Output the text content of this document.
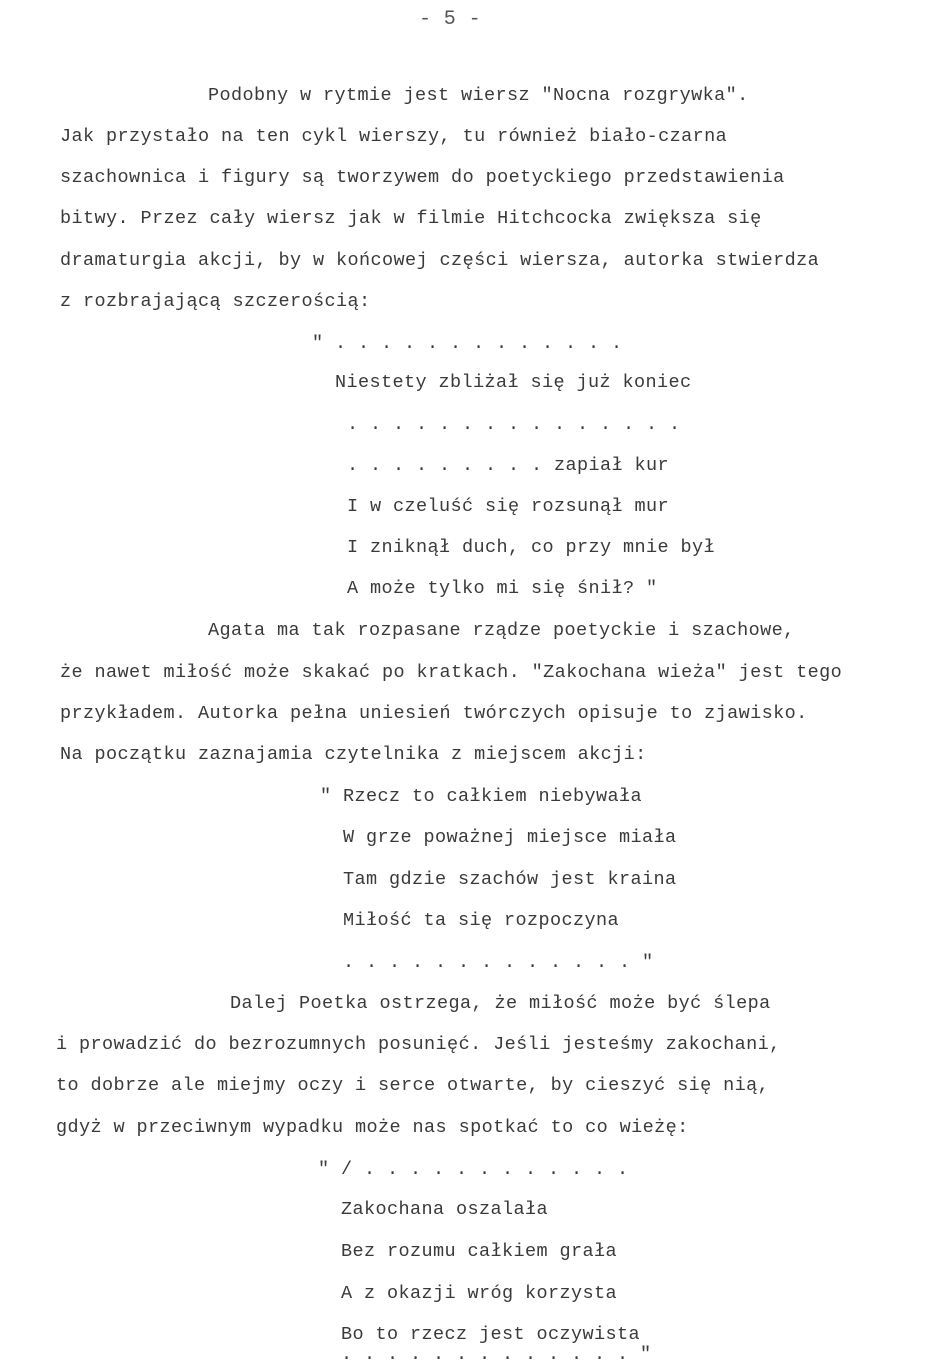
- 5 -
Podobny w rytmie jest wiersz "Nocna rozgrywka".
Jak przystało na ten cykl wierszy, tu również biało-czarna
szachownica i figury są tworzywem do poetyckiego przedstawienia
bitwy. Przez cały wiersz jak w filmie Hitchcocka zwiększa się
dramaturgia akcji, by w końcowej części wiersza, autorka stwierdza
z rozbrajającą szczerością:
" . . . . . . . . . . . . .
Niestety zbliżał się już koniec
. . . . . . . . . . . . . . .
. . . . . . . . . zapiał kur
I w czeluść się rozsunął mur
I zniknął duch, co przy mnie był
A może tylko mi się śnił? "
Agata ma tak rozpasane rządze poetyckie i szachowe,
że nawet miłość może skakać po kratkach. "Zakochana wieża" jest tego
przykładem. Autorka pełna uniesień twórczych opisuje to zjawisko.
Na początku zaznajamia czytelnika z miejscem akcji:
" Rzecz to całkiem niebywała
W grze poważnej miejsce miała
Tam gdzie szachów jest kraina
Miłość ta się rozpoczyna
. . . . . . . . . . . . . "
Dalej Poetka ostrzega, że miłość może być ślepa
i prowadzić do bezrozumnych posunięć. Jeśli jesteśmy zakochani,
to dobrze ale miejmy oczy i serce otwarte, by cieszyć się nią,
gdyż w przeciwnym wypadku może nas spotkać to co wieżę:
" / . . . . . . . . . . . .
Zakochana oszalała
Bez rozumu całkiem grała
A z okazji wróg korzysta
Bo to rzecz jest oczywista
. . . . . . . . . . . . . "
